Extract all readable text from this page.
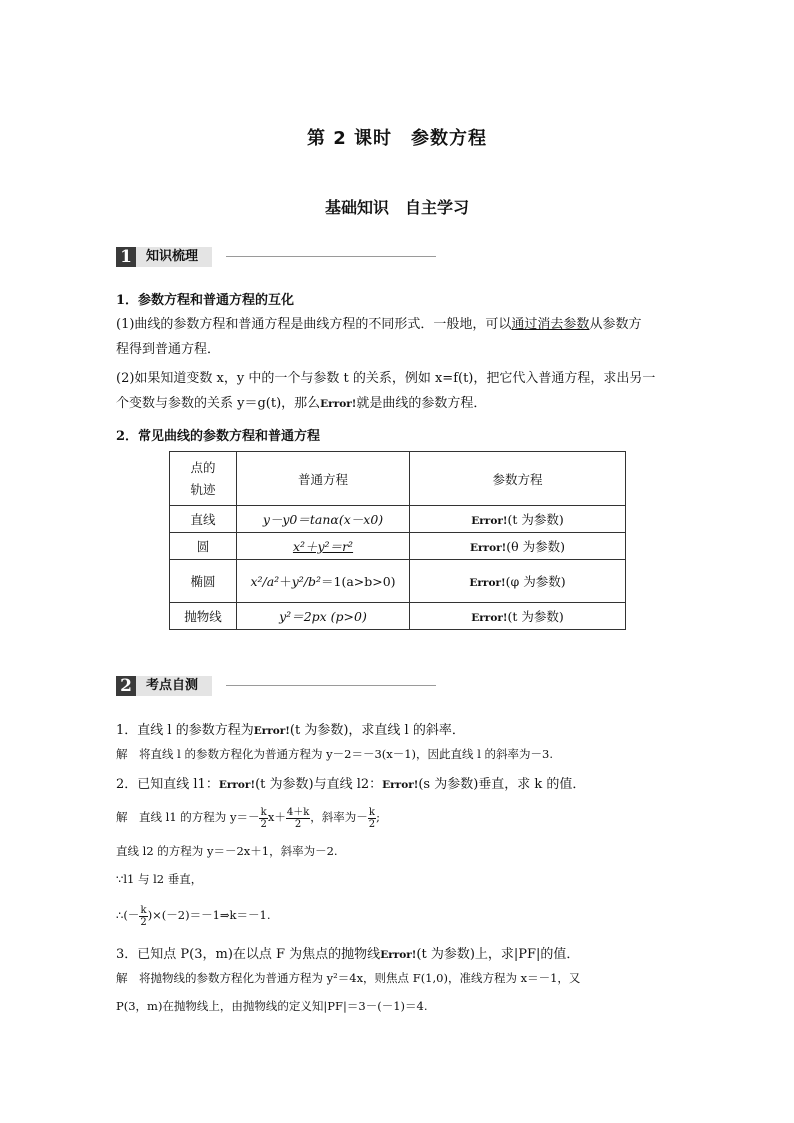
第 2 课时　参数方程
基础知识　自主学习
1	知识梳理
1．参数方程和普通方程的互化
(1)曲线的参数方程和普通方程是曲线方程的不同形式．一般地，可以通过消去参数从参数方
程得到普通方程．
(2)如果知道变数 x，y 中的一个与参数 t 的关系，例如 x=f(t)，把它代入普通方程，求出另一
个变数与参数的关系 y＝g(t)，那么Error!就是曲线的参数方程．
2．常见曲线的参数方程和普通方程
点的
轨迹	普通方程	参数方程
直线	y－y0＝tanα(x－x0)	Error!(t 为参数)
圆	x²＋y²＝r²	Error!(θ 为参数)
椭圆	x²/a²＋y²/b²＝1(a>b>0)	Error!(φ 为参数)
抛物线	y²＝2px (p>0)	Error!(t 为参数)
2	考点自测
1．直线 l 的参数方程为Error!(t 为参数)，求直线 l 的斜率．
解　将直线 l 的参数方程化为普通方程为 y－2＝－3(x－1)，因此直线 l 的斜率为－3.
2．已知直线 l1：Error!(t 为参数)与直线 l2：Error!(s 为参数)垂直，求 k 的值．
解　直线 l1 的方程为 $y=- \frac{k}{2} x+ \frac{4+k}{2}$ ，斜率为－ $\frac{k}{2}$ ;
直线 l2 的方程为 y＝－2x＋1，斜率为－2.
∵l1 与 l2 垂直，
∴(－ $\frac{k}{2}$ )×(－2)＝－1⇒k＝－1.
3．已知点 P(3，m)在以点 F 为焦点的抛物线Error!(t 为参数)上，求|PF|的值．
解　将抛物线的参数方程化为普通方程为 y²＝4x，则焦点 F(1,0)，准线方程为 x＝－1，又
P(3，m)在抛物线上，由抛物线的定义知|PF|＝3－(－1)＝4.
